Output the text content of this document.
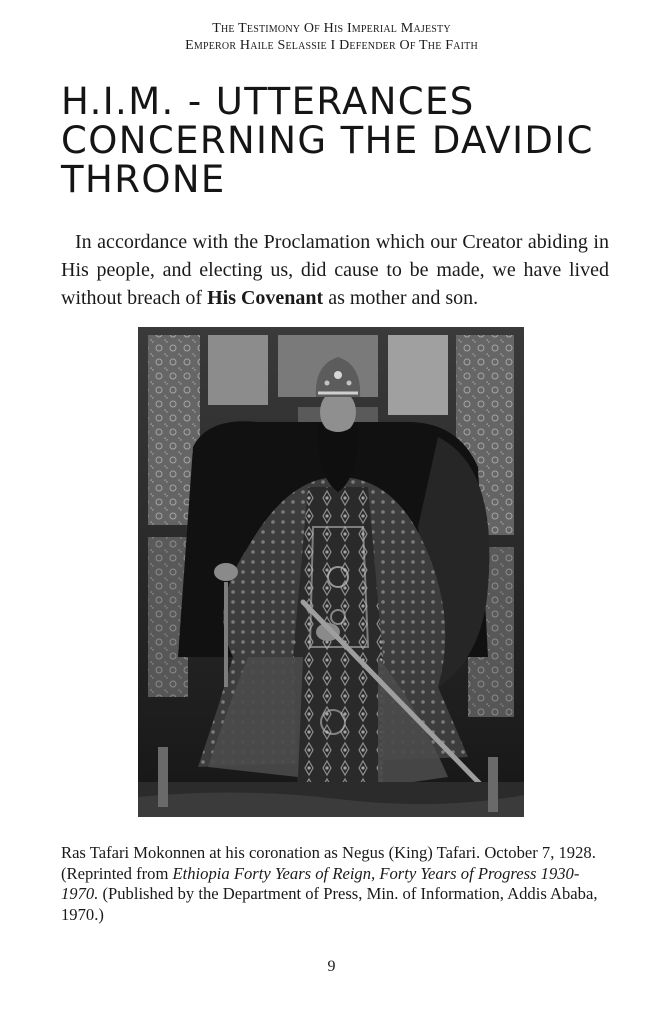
The Testimony Of His Imperial Majesty
Emperor Haile Selassie I Defender Of The Faith
H.I.M. - UTTERANCES
CONCERNING THE DAVIDIC
THRONE

In accordance with the Proclamation which our Creator abiding in His people, and electing us, did cause to be made, we have lived without breach of His Covenant as mother and son.

Ras Tafari Mokonnen at his coronation as Negus (King) Tafari. October 7, 1928. (Reprinted from Ethiopia Forty Years of Reign, Forty Years of Progress 1930-1970. (Published by the Department of Press, Min. of Information, Addis Ababa, 1970.)

9
